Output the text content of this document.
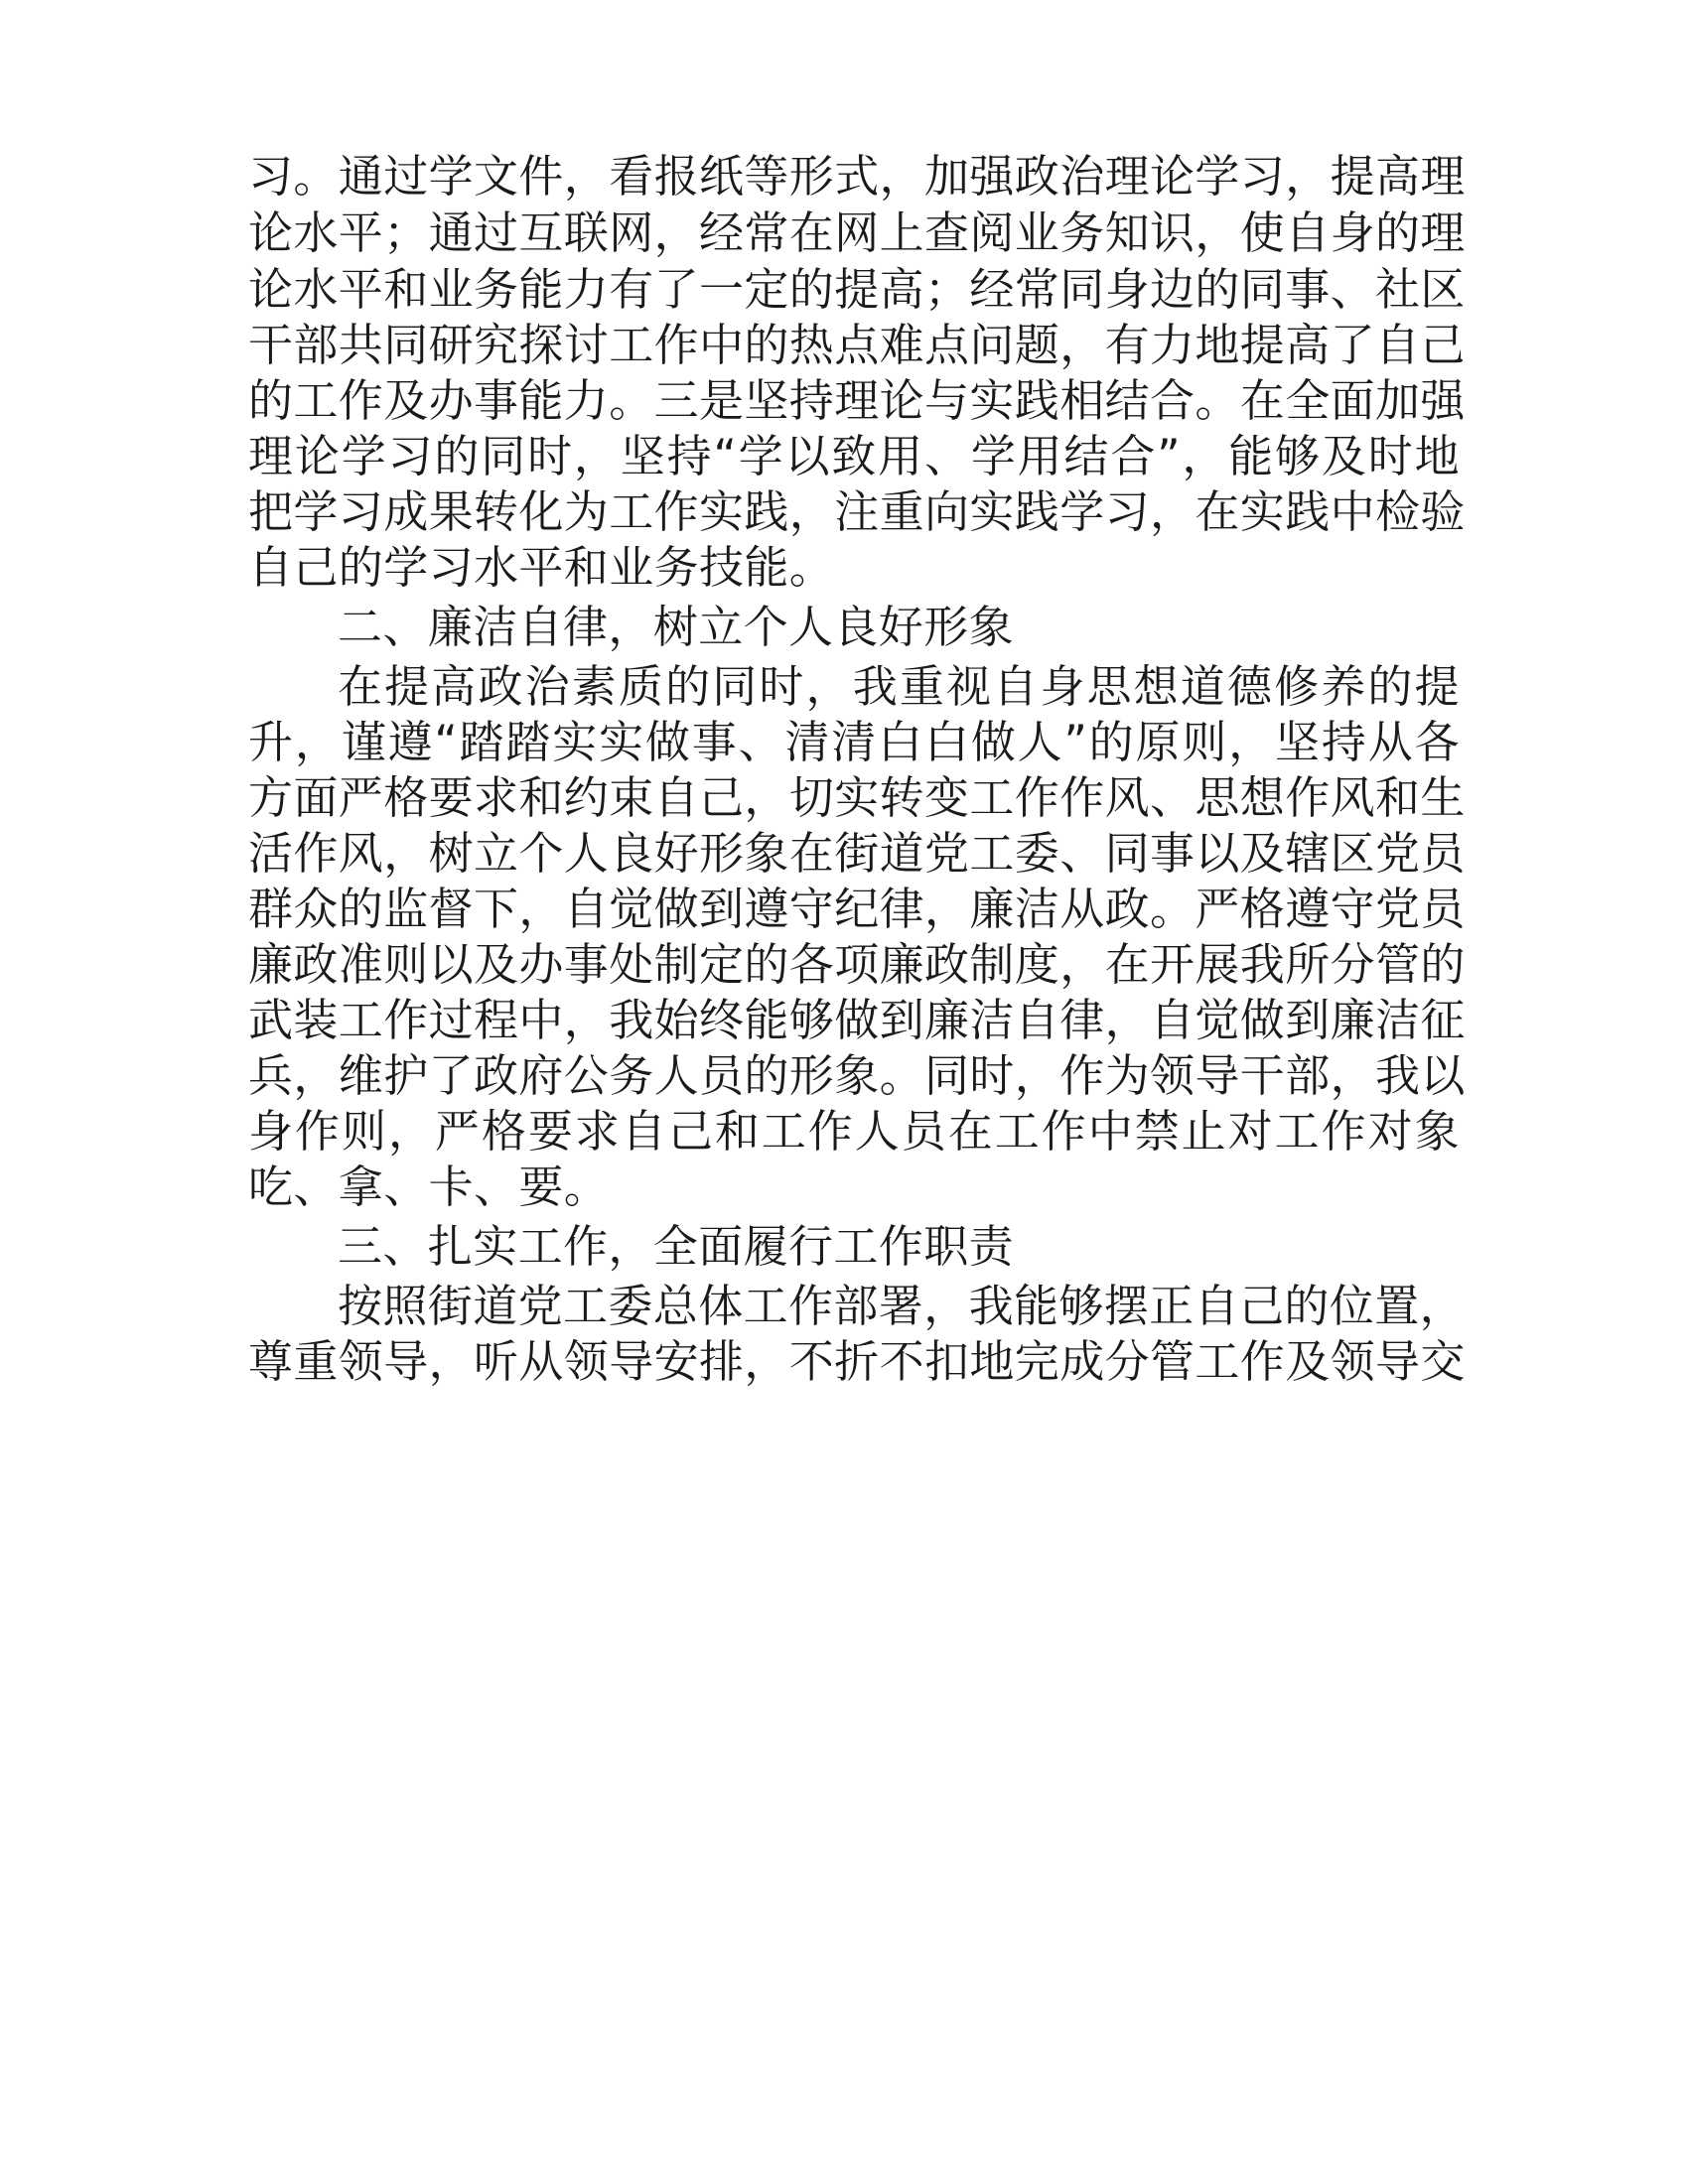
习。通过学文件，看报纸等形式，加强政治理论学习，提高理
论水平；通过互联网，经常在网上查阅业务知识，使自身的理
论水平和业务能力有了一定的提高；经常同身边的同事、社区
干部共同研究探讨工作中的热点难点问题，有力地提高了自己
的工作及办事能力。三是坚持理论与实践相结合。在全面加强
理论学习的同时，坚持“学以致用、学用结合”，能够及时地
把学习成果转化为工作实践，注重向实践学习，在实践中检验
自己的学习水平和业务技能。
二、廉洁自律，树立个人良好形象
在提高政治素质的同时，我重视自身思想道德修养的提
升，谨遵“踏踏实实做事、清清白白做人”的原则，坚持从各
方面严格要求和约束自己，切实转变工作作风、思想作风和生
活作风，树立个人良好形象在街道党工委、同事以及辖区党员
群众的监督下，自觉做到遵守纪律，廉洁从政。严格遵守党员
廉政准则以及办事处制定的各项廉政制度，在开展我所分管的
武装工作过程中，我始终能够做到廉洁自律，自觉做到廉洁征
兵，维护了政府公务人员的形象。同时，作为领导干部，我以
身作则，严格要求自己和工作人员在工作中禁止对工作对象
吃、拿、卡、要。
三、扎实工作，全面履行工作职责
按照街道党工委总体工作部署，我能够摆正自己的位置，
尊重领导，听从领导安排，不折不扣地完成分管工作及领导交
